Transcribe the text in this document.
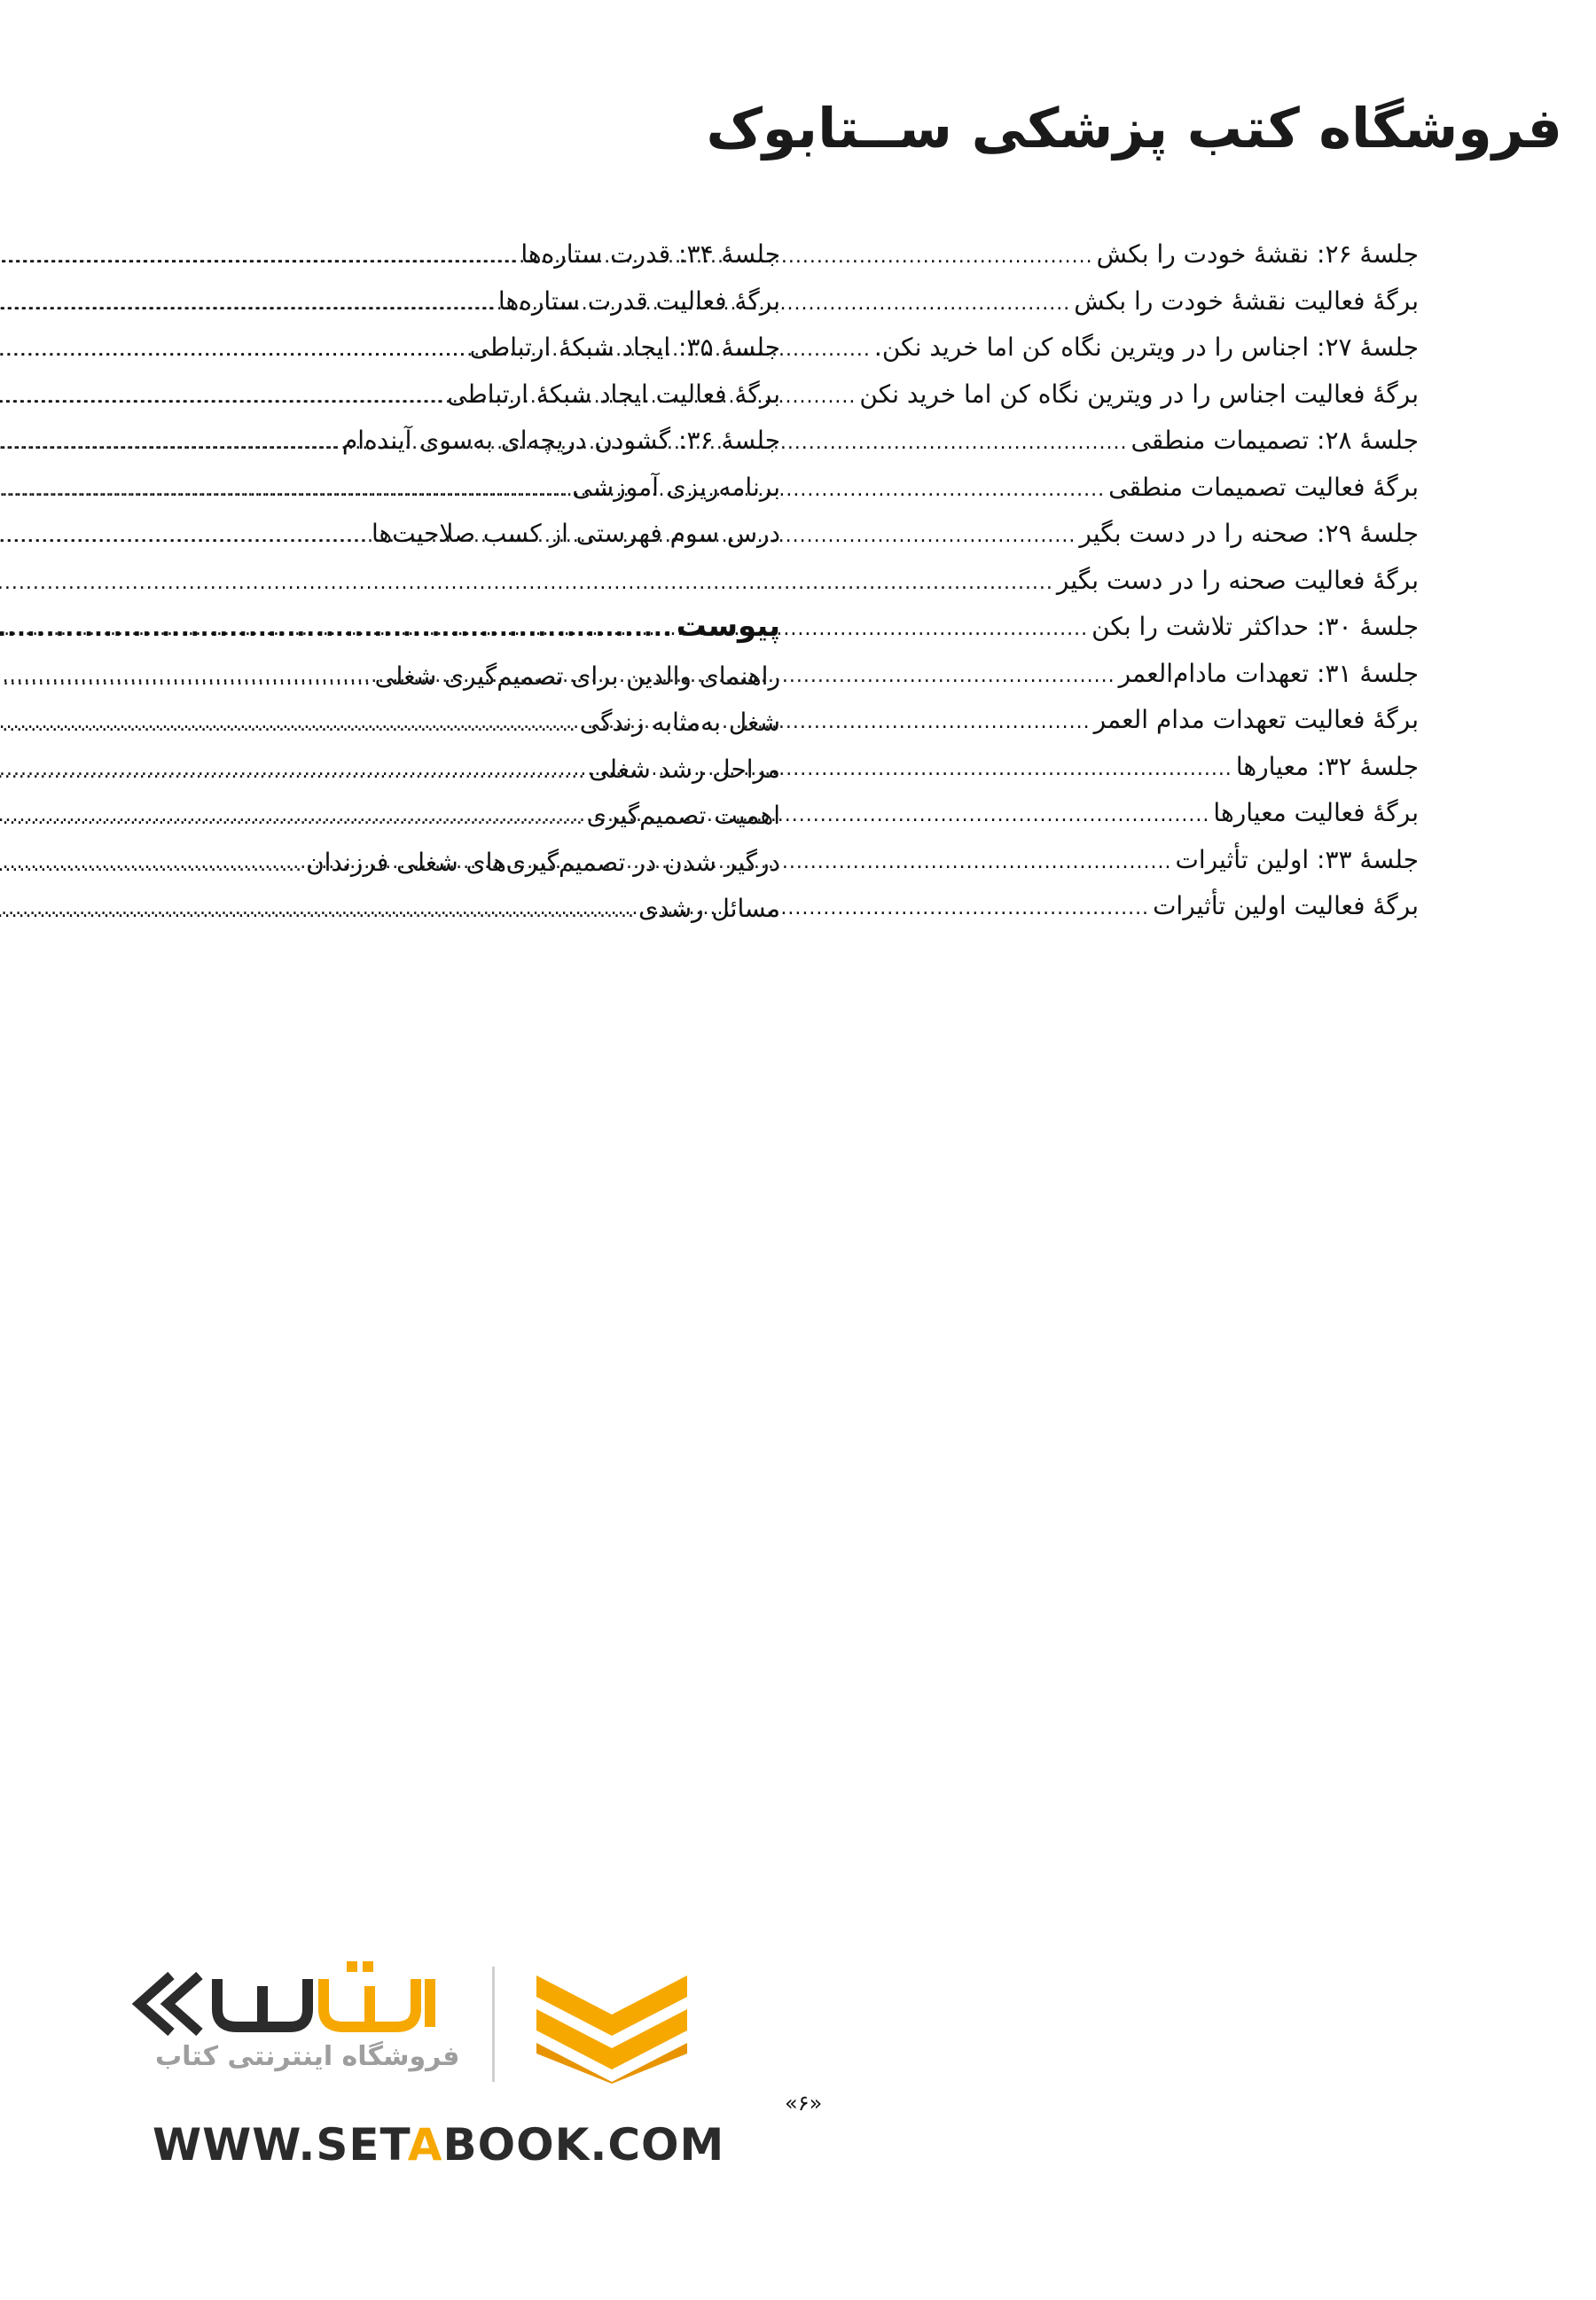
فروشگاه کتب پزشکی ســتابوک
جلسهٔ ۲۶: نقشهٔ خودت را بکش
.....
برگهٔ فعالیت نقشهٔ خودت را بکش
.....
جلسهٔ ۲۷: اجناس را در ویترین نگاه کن اما خرید نکن.
.....
برگهٔ فعالیت اجناس را در ویترین نگاه کن اما خرید نکن
.....
جلسهٔ ۲۸: تصمیمات منطقی
.....
برگهٔ فعالیت تصمیمات منطقی
.....
جلسهٔ ۲۹: صحنه را در دست بگیر
.....
برگهٔ فعالیت صحنه را در دست بگیر
.....
جلسهٔ ۳۰: حداکثر تلاشت را بکن
.....
جلسهٔ ۳۱: تعهدات مادام‌العمر
.....
برگهٔ فعالیت تعهدات مدام العمر
.....
جلسهٔ ۳۲: معیارها
.....
برگهٔ فعالیت معیارها
.....
جلسهٔ ۳۳: اولین تأثیرات
.....
برگهٔ فعالیت اولین تأثیرات
.....
جلسهٔ ۳۴: قدرت ستاره‌ها
.....
برگهٔ فعالیت قدرت ستاره‌ها
.....
جلسهٔ ۳۵: ایجاد شبکهٔ ارتباطی
.....
برگهٔ فعالیت ایجاد شبکهٔ ارتباطی
.....
جلسهٔ ۳۶: گشودن دریچه‌ای به‌سوی آینده‌ام
.....
برنامه‌ریزی آموزشی
.....
درس سوم فهرستی از کسب صلاحیت‌ها
.....
پیوست
.....
راهنمای والدین برای تصمیم‌گیری شغلی
.....
شغل به‌مثابه زندگی
.....
مراحل رشد شغلی
.....
اهمیت تصمیم‌گیری
.....
درگیر شدن در تصمیم‌گیری‌های شغلی فرزندان
.....
مسائل رشدی
.....
فروشگاه اینترنتی کتاب
«۶»
WWW.SETABOOK.COM
